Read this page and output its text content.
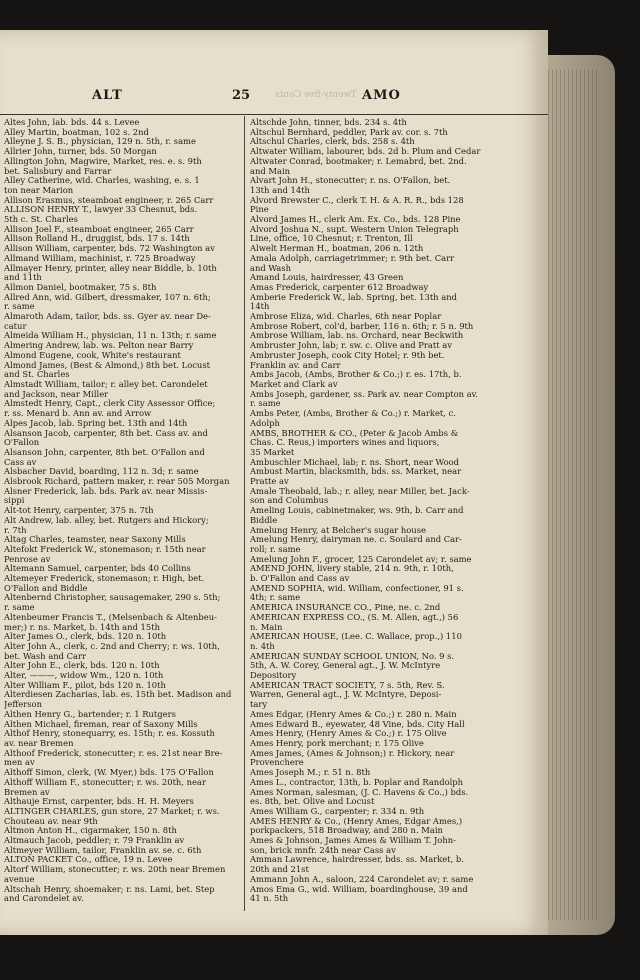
ALT	25	Twenty-five Cents AMO
Altes John, lab. bds. 44 s. Levee
Alley Martin, boatman, 102 s. 2nd
Alleyne J. S. B., physician, 129 n. 5th, r. same
Allrier John, turner, bds. 50 Morgan
Allington John, Magwire, Market, res. e. s. 9th
bet. Salisbury and Farrar
Alley Catherine, wid. Charles, washing, e. s. 1
ton near Marion
Allison Erasmus, steamboat engineer, r. 265 Carr
ALLISON HENRY T., lawyer 33 Chesnut, bds.
5th c. St. Charles
Allison Joel F., steamboat engineer, 265 Carr
Allison Rolland H., druggist, bds. 17 s. 14th
Allison William, carpenter, bds. 72 Washington av
Allmand William, machinist, r. 725 Broadway
Allmayer Henry, printer, alley near Biddle, b. 10th
and 11th
Allmon Daniel, bootmaker, 75 s. 8th
Allred Ann, wid. Gilbert, dressmaker, 107 n. 6th;
r. same
Almaroth Adam, tailor, bds. ss. Gyer av. near De-
catur
Almeida William H., physician, 11 n. 13th; r. same
Almering Andrew, lab. ws. Pelton near Barry
Almond Eugene, cook, White's restaurant
Almond James, (Best & Almond,) 8th bet. Locust
and St. Charles
Almstadt William, tailor; r. alley bet. Carondelet
and Jackson, near Miller
Almstedt Henry, Capt., clerk City Assessor Office;
r. ss. Menard b. Ann av. and Arrow
Alpes Jacob, lab. Spring bet. 13th and 14th
Alsanson Jacob, carpenter, 8th bet. Cass av. and
O'Fallon
Alsanson John, carpenter, 8th bet. O'Fallon and
Cass av
Alsbacher David, boarding, 112 n. 3d; r. same
Alsbrook Richard, pattern maker, r. rear 505 Morgan
Alsner Frederick, lab. bds. Park av. near Missis-
sippi
Alt-tot Henry, carpenter, 375 n. 7th
Alt Andrew, lab. alley, bet. Rutgers and Hickory;
r. 7th
Altag Charles, teamster, near Saxony Mills
Altefokt Frederick W., stonemason; r. 15th near
Penrose av
Altemann Samuel, carpenter, bds 40 Collins
Altemeyer Frederick, stonemason; r. High, bet.
O'Fallon and Biddle
Altenbernd Christopher, sausagemaker, 290 s. 5th;
r. same
Altenbeumer Francis T., (Melsenbach & Altenbeu-
mer;) r. ns. Market, b. 14th and 15th
Alter James O., clerk, bds. 120 n. 10th
Alter John A., clerk, c. 2nd and Cherry; r. ws. 10th,
bet. Wash and Carr
Alter John E., clerk, bds. 120 n. 10th
Alter, ———, widow Wm., 120 n. 10th
Alter William F., pilot, bds 120 n. 10th
Alterdiesen Zacharias, lab. es. 15th bet. Madison and
Jefferson
Althen Henry G., bartender; r. 1 Rutgers
Althen Michael, fireman, rear of Saxony Mills
Althof Henry, stonequarry, es. 15th; r. es. Kossuth
av. near Bremen
Althoof Frederick, stonecutter; r. es. 21st near Bre-
men av
Althoff Simon, clerk, (W. Myer,) bds. 175 O'Fallon
Althoff William F., stonecutter; r. ws. 20th, near
Bremen av
Althauje Ernst, carpenter, bds. H. H. Meyers
ALTINGER CHARLES, gun store, 27 Market; r. ws.
Chouteau av. near 9th
Altmon Anton H., cigarmaker, 150 n. 8th
Altmauch Jacob, peddler; r. 79 Franklin av
Altmeyer William, tailor, Franklin av. se. c. 6th
ALTON PACKET Co., office, 19 n. Levee
Altorf William, stonecutter; r. ws. 20th near Bremen
avenue
Altschah Henry, shoemaker; r. ns. Lami, bet. Step
and Carondelet av.
Altschde John, tinner, bds. 234 s. 4th
Altschul Bernhard, peddler, Park av. cor. s. 7th
Altschul Charles, clerk, bds. 258 s. 4th
Altwater William, labourer, bds. 2d b. Plum and Cedar
Altwater Conrad, bootmaker; r. Lemabrd, bet. 2nd.
and Main
Alvart John H., stonecutter; r. ns. O'Fallon, bet.
13th and 14th
Alvord Brewster C., clerk T. H. & A. R. R., bds 128
Pine
Alvord James H., clerk Am. Ex. Co., bds. 128 Pine
Alvord Joshua N., supt. Western Union Telegraph
Line, office, 10 Chesnut; r. Trenton, Ill
Alwelt Herman H., boatman, 206 n. 12th
Amala Adolph, carriagetrimmer; r. 9th bet. Carr
and Wash
Amand Louis, hairdresser, 43 Green
Amas Frederick, carpenter 612 Broadway
Amberie Frederick W., lab. Spring, bet. 13th and
14th
Ambrose Eliza, wid. Charles, 6th near Poplar
Ambrose Robert, col'd, barber, 116 n. 6th; r. 5 n. 9th
Ambrose William, lab. ns. Orchard, near Beckwith
Ambruster John, lab; r. sw. c. Olive and Pratt av
Ambruster Joseph, cook City Hotel; r. 9th bet.
Franklin av. and Carr
Ambs Jacob, (Ambs, Brother & Co.;) r. es. 17th, b.
Market and Clark av
Ambs Joseph, gardener, ss. Park av. near Compton av.
r. same
Ambs Peter, (Ambs, Brother & Co.;) r. Market, c.
Adolph
AMBS, BROTHER & CO., (Peter & Jacob Ambs &
Chas. C. Reus,) importers wines and liquors,
35 Market
Ambuschler Michael, lab; r. ns. Short, near Wood
Ambust Martin, blacksmith, bds. ss. Market, near
Pratte av
Amale Theobald, lab.; r. alley, near Miller, bet. Jack-
son and Columbus
Ameling Louis, cabinetmaker, ws. 9th, b. Carr and
Biddle
Amelung Henry, at Belcher's sugar house
Amelung Henry, dairyman ne. c. Soulard and Car-
roll; r. same
Amelung John F., grocer, 125 Carondelet av; r. same
AMEND JOHN, livery stable, 214 n. 9th, r. 10th,
b. O'Fallon and Cass av
AMEND SOPHIA, wid. William, confectioner, 91 s.
4th; r. same
AMERICA INSURANCE CO., Pine, ne. c. 2nd
AMERICAN EXPRESS CO., (S. M. Allen, agt.,) 56
n. Main
AMERICAN HOUSE, (Lee. C. Wallace, prop.,) 110
n. 4th
AMERICAN SUNDAY SCHOOL UNION, No. 9 s.
5th, A. W. Corey, General agt., J. W. McIntyre
Depository
AMERICAN TRACT SOCIETY, 7 s. 5th, Rev. S.
Warren, General agt., J. W. McIntyre, Deposi-
tary
Ames Edgar, (Henry Ames & Co.;) r. 280 n. Main
Ames Edward B., eyewater, 48 Vine, bds. City Hall
Ames Henry, (Henry Ames & Co.;) r. 175 Olive
Ames Henry, pork merchant; r. 175 Olive
Ames James, (Ames & Johnson;) r. Hickory, near
Provenchere
Ames Joseph M.; r. 51 n. 8th
Ames L., contractor, 13th, b. Poplar and Randolph
Ames Norman, salesman, (J. C. Havens & Co.,) bds.
es. 8th, bet. Olive and Locust
Ames William G., carpenter; r. 334 n. 9th
AMES HENRY & Co., (Henry Ames, Edgar Ames,)
porkpackers, 518 Broadway, and 280 n. Main
Ames & Johnson, James Ames & William T. John-
son, brick mnfr. 24th near Cass av
Amman Lawrence, hairdresser, bds. ss. Market, b.
20th and 21st
Ammann John A., saloon, 224 Carondelet av; r. same
Amos Ema G., wid. William, boardinghouse, 39 and
41 n. 5th
